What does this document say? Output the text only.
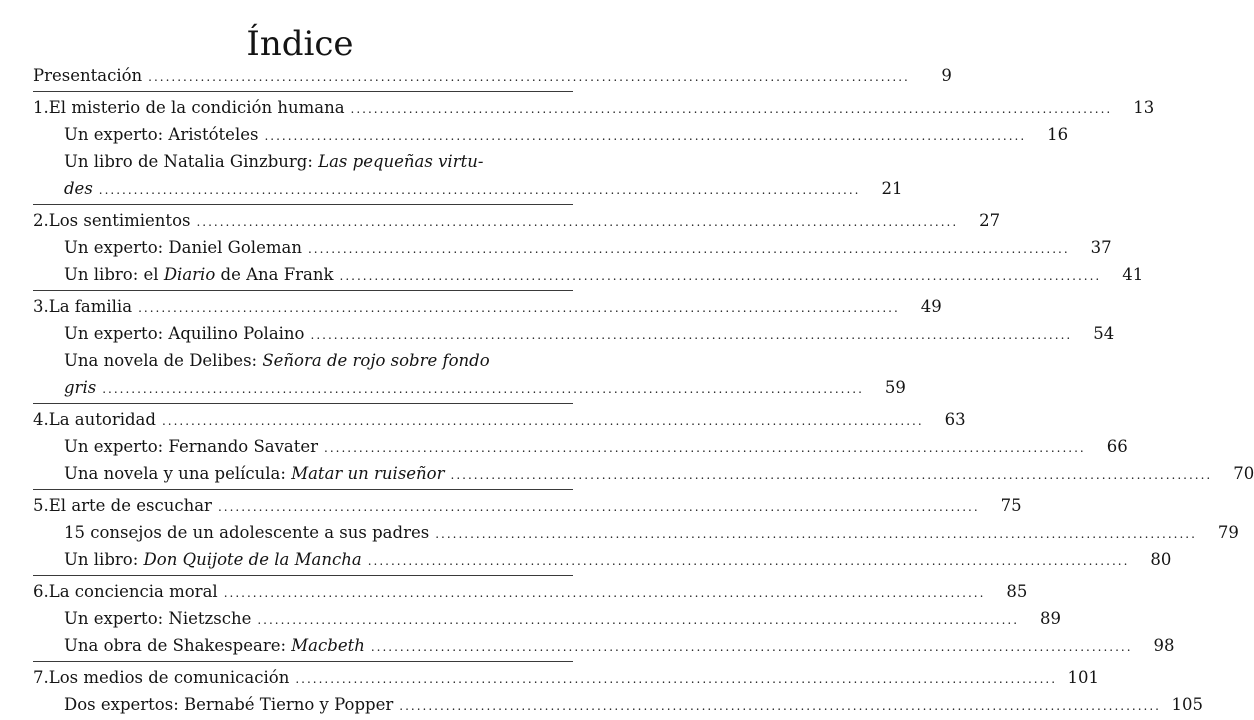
Índice
Presentación ...................................................................................................................................	9
1. El misterio de la condición humana ...................................................................................................................................	13
Un experto: Aristóteles ...................................................................................................................................	16
Un libro de Natalia Ginzburg: Las pequeñas virtu-
des ...................................................................................................................................	21
2. Los sentimientos ...................................................................................................................................	27
Un experto: Daniel Goleman ...................................................................................................................................	37
Un libro: el Diario de Ana Frank ...................................................................................................................................	41
3. La familia ...................................................................................................................................	49
Un experto: Aquilino Polaino ...................................................................................................................................	54
Una novela de Delibes: Señora de rojo sobre fondo
gris ...................................................................................................................................	59
4. La autoridad ...................................................................................................................................	63
Un experto: Fernando Savater ...................................................................................................................................	66
Una novela y una película: Matar un ruiseñor ...................................................................................................................................	70
5. El arte de escuchar ...................................................................................................................................	75
15 consejos de un adolescente a sus padres ...................................................................................................................................	79
Un libro: Don Quijote de la Mancha ...................................................................................................................................	80
6. La conciencia moral ...................................................................................................................................	85
Un experto: Nietzsche ...................................................................................................................................	89
Una obra de Shakespeare: Macbeth ...................................................................................................................................	98
7. Los medios de comunicación ................................................................................................................................... 101
Dos expertos: Bernabé Tierno y Popper ................................................................................................................................... 105
